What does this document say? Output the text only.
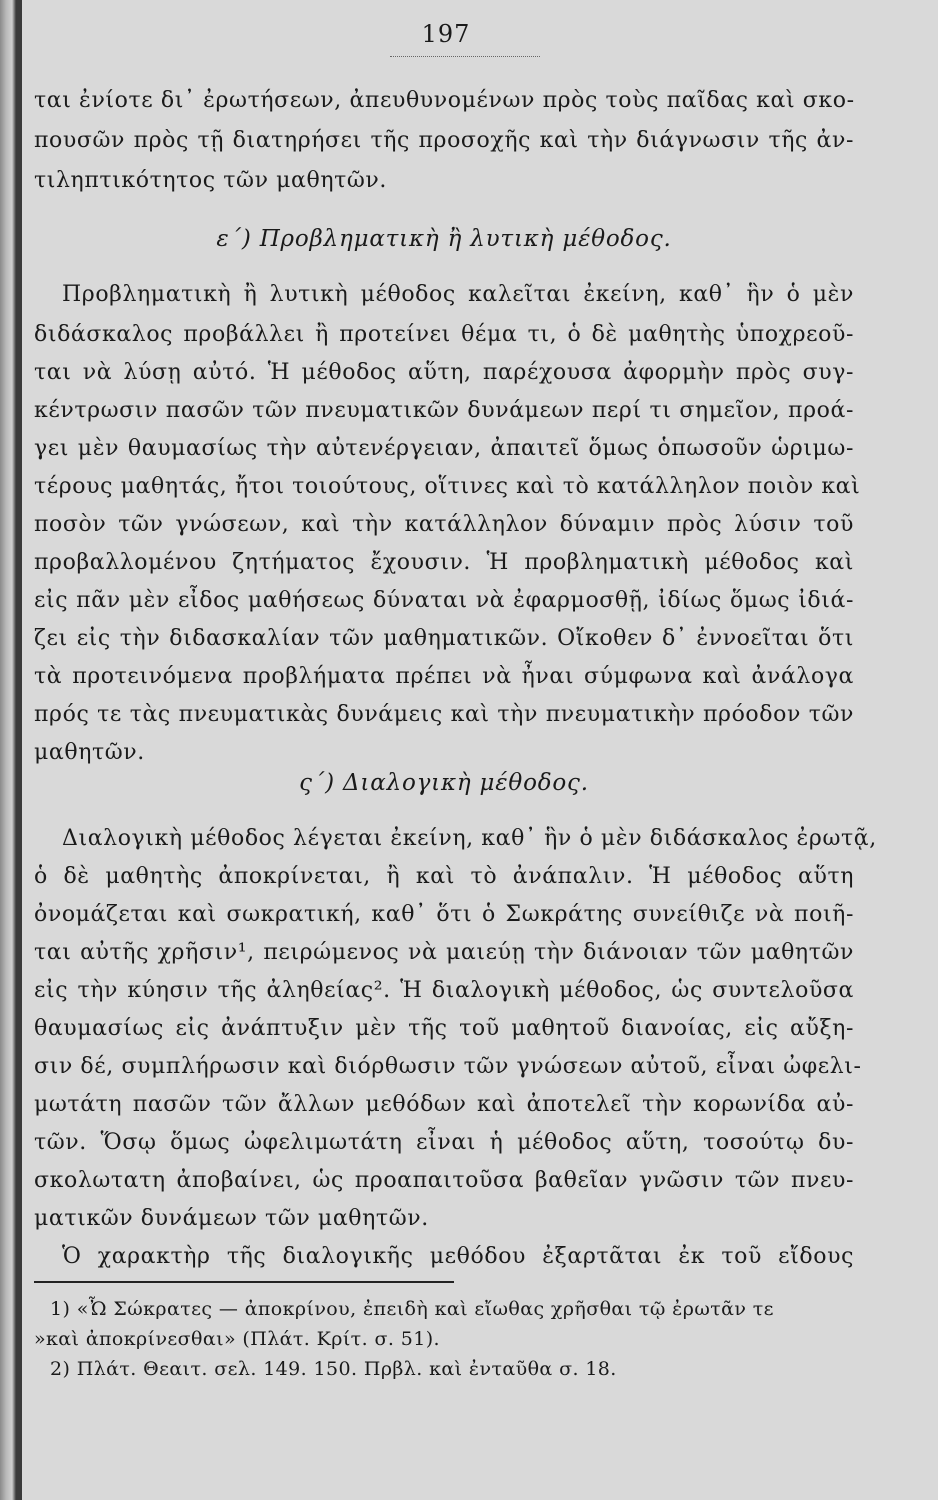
197
ται ἐνίοτε δι᾿ ἐρωτήσεων, ἀπευθυνομένων πρὸς τοὺς παῖδας καὶ σκο-
πουσῶν πρὸς τῇ διατηρήσει τῆς προσοχῆς καὶ τὴν διάγνωσιν τῆς ἀν-
τιληπτικότητος τῶν μαθητῶν.
ε΄) Προβληματικὴ ἢ λυτικὴ μέθοδος.
Προβληματικὴ ἢ λυτικὴ μέθοδος καλεῖται ἐκείνη, καθ᾿ ἣν ὁ μὲν
διδάσκαλος προβάλλει ἢ προτείνει θέμα τι, ὁ δὲ μαθητὴς ὑποχρεοῦ-
ται νὰ λύσῃ αὐτό. Ἡ μέθοδος αὕτη, παρέχουσα ἀφορμὴν πρὸς συγ-
κέντρωσιν πασῶν τῶν πνευματικῶν δυνάμεων περί τι σημεῖον, προά-
γει μὲν θαυμασίως τὴν αὐτενέργειαν, ἀπαιτεῖ ὅμως ὁπωσοῦν ὡριμω-
τέρους μαθητάς, ἤτοι τοιούτους, οἵτινες καὶ τὸ κατάλληλον ποιὸν καὶ
ποσὸν τῶν γνώσεων, καὶ τὴν κατάλληλον δύναμιν πρὸς λύσιν τοῦ
προβαλλομένου ζητήματος ἔχουσιν. Ἡ προβληματικὴ μέθοδος καὶ
εἰς πᾶν μὲν εἶδος μαθήσεως δύναται νὰ ἐφαρμοσθῇ, ἰδίως ὅμως ἰδιά-
ζει εἰς τὴν διδασκαλίαν τῶν μαθηματικῶν. Οἴκοθεν δ᾿ ἐννοεῖται ὅτι
τὰ προτεινόμενα προβλήματα πρέπει νὰ ἦναι σύμφωνα καὶ ἀνάλογα
πρός τε τὰς πνευματικὰς δυνάμεις καὶ τὴν πνευματικὴν πρόοδον τῶν
μαθητῶν.
ς΄) Διαλογικὴ μέθοδος.
Διαλογικὴ μέθοδος λέγεται ἐκείνη, καθ᾿ ἣν ὁ μὲν διδάσκαλος ἐρωτᾷ,
ὁ δὲ μαθητὴς ἀποκρίνεται, ἢ καὶ τὸ ἀνάπαλιν. Ἡ μέθοδος αὕτη
ὀνομάζεται καὶ σωκρατική, καθ᾿ ὅτι ὁ Σωκράτης συνείθιζε νὰ ποιῆ-
ται αὐτῆς χρῆσιν¹, πειρώμενος νὰ μαιεύῃ τὴν διάνοιαν τῶν μαθητῶν
εἰς τὴν κύησιν τῆς ἀληθείας². Ἡ διαλογικὴ μέθοδος, ὡς συντελοῦσα
θαυμασίως εἰς ἀνάπτυξιν μὲν τῆς τοῦ μαθητοῦ διανοίας, εἰς αὔξη-
σιν δέ, συμπλήρωσιν καὶ διόρθωσιν τῶν γνώσεων αὐτοῦ, εἶναι ὠφελι-
μωτάτη πασῶν τῶν ἄλλων μεθόδων καὶ ἀποτελεῖ τὴν κορωνίδα αὐ-
τῶν. Ὅσῳ ὅμως ὠφελιμωτάτη εἶναι ἡ μέθοδος αὕτη, τοσούτῳ δυ-
σκολωτατη ἀποβαίνει, ὡς προαπαιτοῦσα βαθεῖαν γνῶσιν τῶν πνευ-
ματικῶν δυνάμεων τῶν μαθητῶν.
Ὁ χαρακτὴρ τῆς διαλογικῆς μεθόδου ἐξαρτᾶται ἐκ τοῦ εἴδους
1) «Ὦ Σώκρατες — ἀποκρίνου, ἐπειδὴ καὶ εἴωθας χρῆσθαι τῷ ἐρωτᾶν τε
»καὶ ἀποκρίνεσθαι» (Πλάτ. Κρίτ. σ. 51).
2) Πλάτ. Θεαιτ. σελ. 149. 150. Πρβλ. καὶ ἐνταῦθα σ. 18.
